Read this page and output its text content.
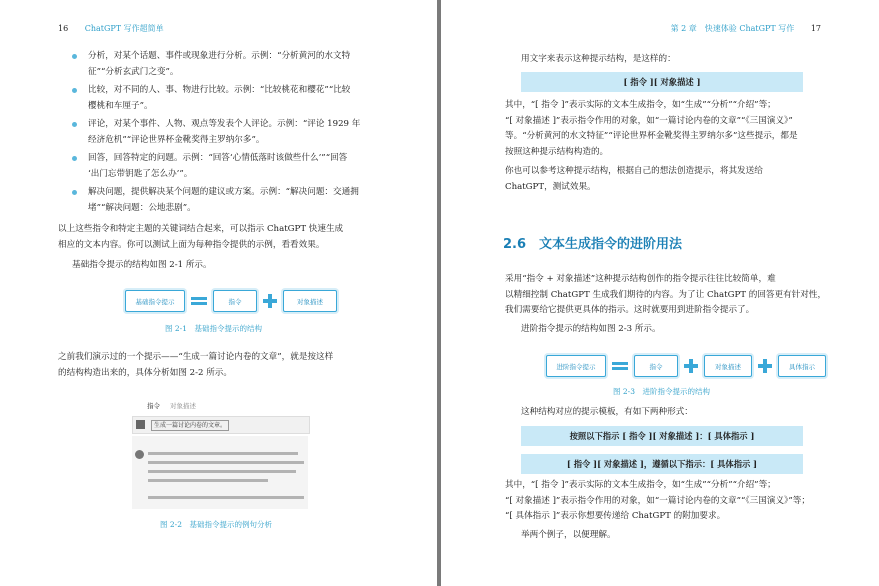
16 ChatGPT 写作超简单
分析，对某个话题、事件或现象进行分析。示例：“分析黄河的水文特
征”“分析玄武门之变”。
比较，对不同的人、事、物进行比较。示例：“比较桃花和樱花”“比较
樱桃和车厘子”。
评论，对某个事件、人物、观点等发表个人评论。示例：“评论 1929 年
经济危机”“评论世界杯金靴奖得主罗纳尔多”。
回答，回答特定的问题。示例：“回答‘心情低落时该做些什么’”“回答
‘出门忘带钥匙了怎么办’”。
解决问题，提供解决某个问题的建议或方案。示例：“解决问题：交通拥
堵”“解决问题：公地悲剧”。
以上这些指令和特定主题的关键词结合起来，可以指示 ChatGPT 快速生成
相应的文本内容。你可以测试上面为每种指令提供的示例，看看效果。
基础指令提示的结构如图 2-1 所示。
基础指令提示	指令	对象描述
图 2-1　基础指令提示的结构
之前我们演示过的一个提示——“生成一篇讨论内卷的文章”，就是按这样
的结构构造出来的，具体分析如图 2-2 所示。
指令 对象描述
生成一篇讨论内卷的文章。
图 2-2　基础指令提示的例句分析
第 2 章　快速体验 ChatGPT 写作 17
用文字来表示这种提示结构，是这样的：
[ 指令 ][ 对象描述 ]
其中，“[ 指令 ]”表示实际的文本生成指令，如“生成”“分析”“介绍”等；
“[ 对象描述 ]”表示指令作用的对象，如“一篇讨论内卷的文章”“《三国演义》”
等。“分析黄河的水文特征”“评论世界杯金靴奖得主罗纳尔多”这些提示，都是
按照这种提示结构构造的。
你也可以参考这种提示结构，根据自己的想法创造提示，将其发送给
ChatGPT，测试效果。
2.6　文本生成指令的进阶用法
采用“指令 + 对象描述”这种提示结构创作的指令提示往往比较简单，难
以精细控制 ChatGPT 生成我们期待的内容。为了让 ChatGPT 的回答更有针对性，
我们需要给它提供更具体的指示。这时就要用到进阶指令提示了。
进阶指令提示的结构如图 2-3 所示。
进阶指令提示	指令	对象描述	具体指示
图 2-3　进阶指令提示的结构
这种结构对应的提示模板，有如下两种形式：
按照以下指示 [ 指令 ][ 对象描述 ]：[ 具体指示 ]
[ 指令 ][ 对象描述 ]，遵循以下指示：[ 具体指示 ]
其中，“[ 指令 ]”表示实际的文本生成指令，如“生成”“分析”“介绍”等；
“[ 对象描述 ]”表示指令作用的对象，如“一篇讨论内卷的文章”“《三国演义》”等；
“[ 具体指示 ]”表示你想要传递给 ChatGPT 的附加要求。
举两个例子，以便理解。
